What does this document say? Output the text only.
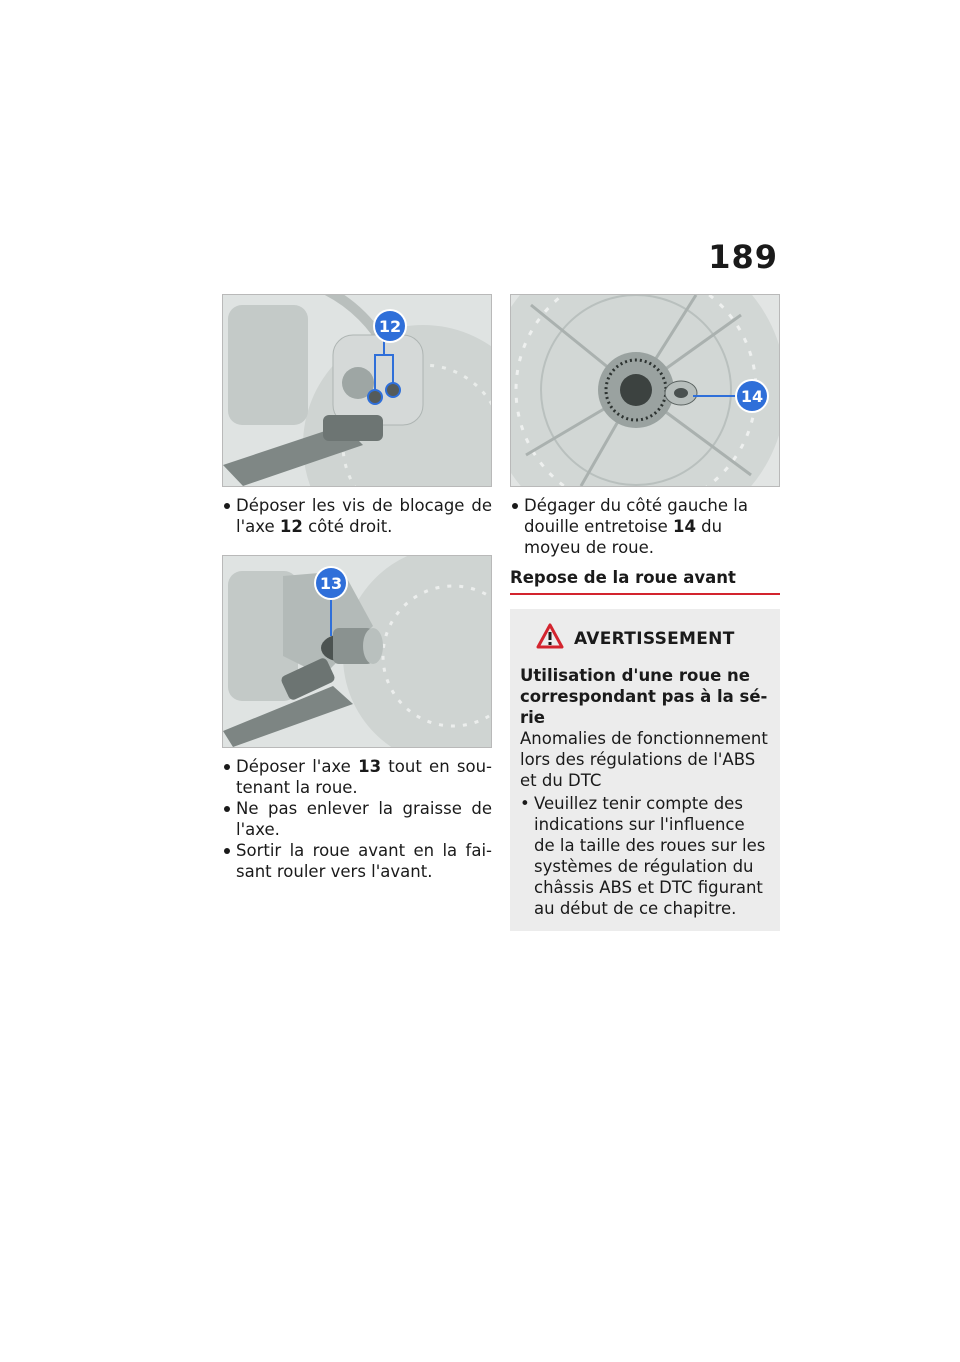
189
12
Déposer les vis de blocage de l'axe 12 côté droit.
13
Déposer l'axe 13 tout en sou-tenant la roue.
Ne pas enlever la graisse de l'axe.
Sortir la roue avant en la fai-sant rouler vers l'avant.
14
Dégager du côté gauche la douille entretoise 14 du moyeu de roue.
Repose de la roue avant
AVERTISSEMENT
Utilisation d'une roue ne correspondant pas à la sé-rie
Anomalies de fonctionnement lors des régulations de l'ABS et du DTC
• Veuillez tenir compte des indications sur l'influence de la taille des roues sur les systèmes de régulation du châssis ABS et DTC figurant au début de ce chapitre.
